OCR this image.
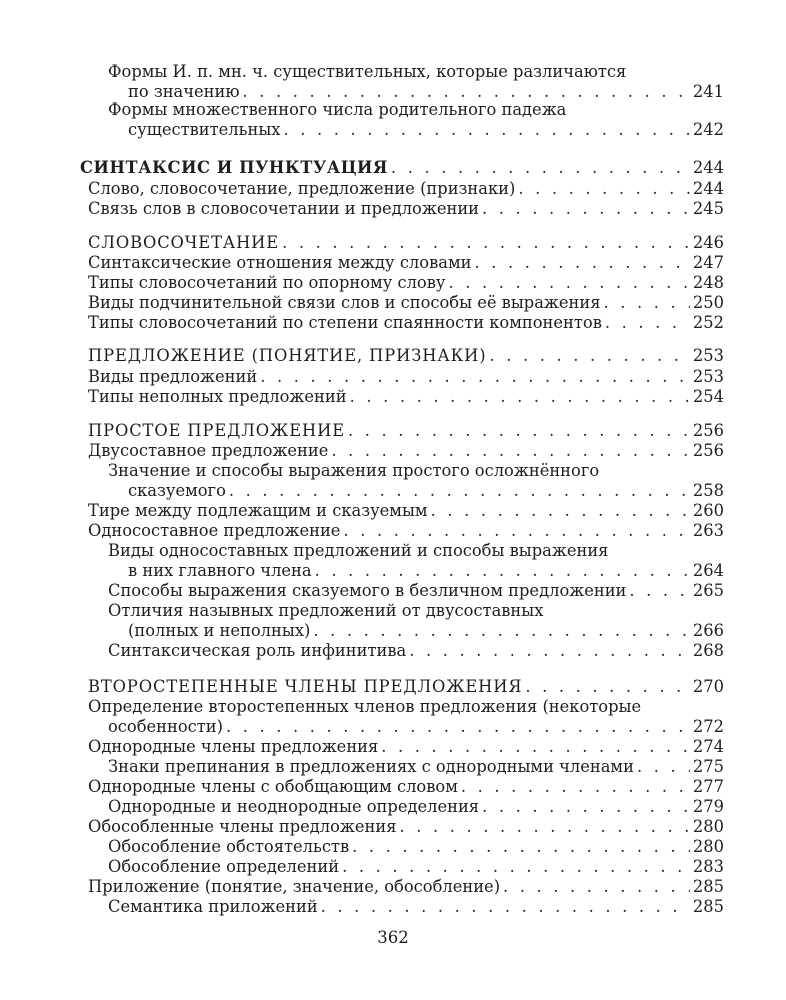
Формы И. п. мн. ч. существительных, которые различаются
по значению . . .	241
Формы множественного числа родительного падежа
существительных . . .	242
СИНТАКСИС И ПУНКТУАЦИЯ . . .	244
Слово, словосочетание, предложение (признаки) . . .	244
Связь слов в словосочетании и предложении . . .	245
СЛОВОСОЧЕТАНИЕ . . .	246
Синтаксические отношения между словами . . .	247
Типы словосочетаний по опорному слову . . .	248
Виды подчинительной связи слов и способы её выражения . . .	250
Типы словосочетаний по степени спаянности компонентов . . .	252
ПРЕДЛОЖЕНИЕ (ПОНЯТИЕ, ПРИЗНАКИ) . . .	253
Виды предложений . . .	253
Типы неполных предложений . . .	254
ПРОСТОЕ ПРЕДЛОЖЕНИЕ . . .	256
Двусоставное предложение . . .	256
Значение и способы выражения простого осложнённого
сказуемого . . .	258
Тире между подлежащим и сказуемым . . .	260
Односоставное предложение . . .	263
Виды односоставных предложений и способы выражения
в них главного члена . . .	264
Способы выражения сказуемого в безличном предложении . . .	265
Отличия назывных предложений от двусоставных
(полных и неполных) . . .	266
Синтаксическая роль инфинитива . . .	268
ВТОРОСТЕПЕННЫЕ ЧЛЕНЫ ПРЕДЛОЖЕНИЯ . . .	270
Определение второстепенных членов предложения (некоторые
особенности) . . .	272
Однородные члены предложения . . .	274
Знаки препинания в предложениях с однородными членами . . .	275
Однородные члены с обобщающим словом . . .	277
Однородные и неоднородные определения . . .	279
Обособленные члены предложения . . .	280
Обособление обстоятельств . . .	280
Обособление определений . . .	283
Приложение (понятие, значение, обособление) . . .	285
Семантика приложений . . .	285
362
